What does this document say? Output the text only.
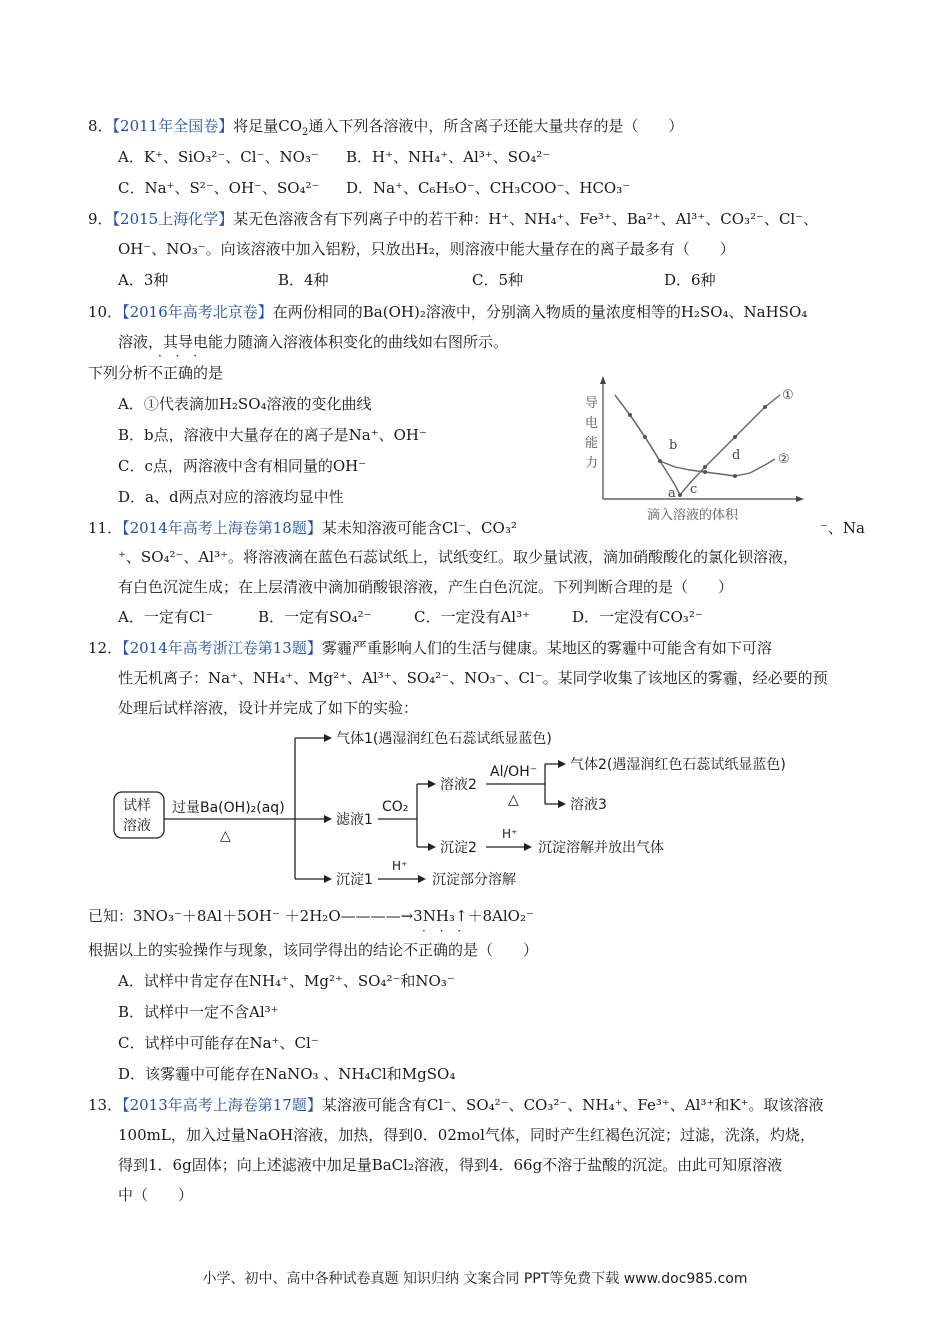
8．【2011年全国卷】将足量$CO_2$通入下列各溶液中，所含离子还能大量共存的是（　　）
A．K⁺、SiO₃²⁻、Cl⁻、NO₃⁻ B．H⁺、NH₄⁺、Al³⁺、SO₄²⁻
C．Na⁺、S²⁻、OH⁻、SO₄²⁻ D．Na⁺、C₆H₅O⁻、CH₃COO⁻、HCO₃⁻
9．【2015上海化学】某无色溶液含有下列离子中的若干种：H⁺、NH₄⁺、Fe³⁺、Ba²⁺、Al³⁺、CO₃²⁻、Cl⁻、
OH⁻、NO₃⁻。向该溶液中加入铝粉，只放出H₂，则溶液中能大量存在的离子最多有（　　）
A．3种	B．4种	C．5种	D．6种
10．【2016年高考北京卷】在两份相同的Ba(OH)₂溶液中，分别滴入物质的量浓度相等的H₂SO₄、NaHSO₄
溶液，其导电能力随滴入溶液体积变化的曲线如右图所示。
· · ·
下列分析不正确的是
A．①代表滴加H₂SO₄溶液的变化曲线
B．b点，溶液中大量存在的离子是Na⁺、OH⁻
C．c点，两溶液中含有相同量的OH⁻
D．a、d两点对应的溶液均显中性
导
电
能
力
①
②
a
b
c
d
滴入溶液的体积
11．【2014年高考上海卷第18题】某未知溶液可能含Cl⁻、CO₃²	⁻、Na
⁺、SO₄²⁻、Al³⁺。将溶液滴在蓝色石蕊试纸上，试纸变红。取少量试液，滴加硝酸酸化的氯化钡溶液，
有白色沉淀生成；在上层清液中滴加硝酸银溶液，产生白色沉淀。下列判断合理的是（　　）
A．一定有Cl⁻	B．一定有SO₄²⁻	C．一定没有Al³⁺	D．一定没有CO₃²⁻
12．【2014年高考浙江卷第13题】雾霾严重影响人们的生活与健康。某地区的雾霾中可能含有如下可溶
性无机离子：Na⁺、NH₄⁺、Mg²⁺、Al³⁺、SO₄²⁻、NO₃⁻、Cl⁻。某同学收集了该地区的雾霾，经必要的预
处理后试样溶液，设计并完成了如下的实验：
试样
溶液
过量Ba(OH)₂(aq)
△
气体1(遇湿润红色石蕊试纸显蓝色)
滤液1
沉淀1
CO₂
溶液2
沉淀2
Al/OH⁻
△
气体2(遇湿润红色石蕊试纸显蓝色)
溶液3
H⁺
沉淀溶解并放出气体
H⁺
沉淀部分溶解
已知：3NO₃⁻＋8Al＋5OH⁻ ＋2H₂O————→3NH₃↑＋8AlO₂⁻
· · ·
根据以上的实验操作与现象，该同学得出的结论不正确的是（　　）
A．试样中肯定存在NH₄⁺、Mg²⁺、SO₄²⁻和NO₃⁻
B．试样中一定不含Al³⁺
C．试样中可能存在Na⁺、Cl⁻
D．该雾霾中可能存在NaNO₃ 、NH₄Cl和MgSO₄
13．【2013年高考上海卷第17题】某溶液可能含有Cl⁻、SO₄²⁻、CO₃²⁻、NH₄⁺、Fe³⁺、Al³⁺和K⁺。取该溶液
100mL，加入过量NaOH溶液，加热，得到0．02mol气体，同时产生红褐色沉淀；过滤，洗涤，灼烧，
得到1．6g固体；向上述滤液中加足量BaCl₂溶液，得到4．66g不溶于盐酸的沉淀。由此可知原溶液
中（　　）
小学、初中、高中各种试卷真题 知识归纳 文案合同 PPT等免费下载 www.doc985.com
